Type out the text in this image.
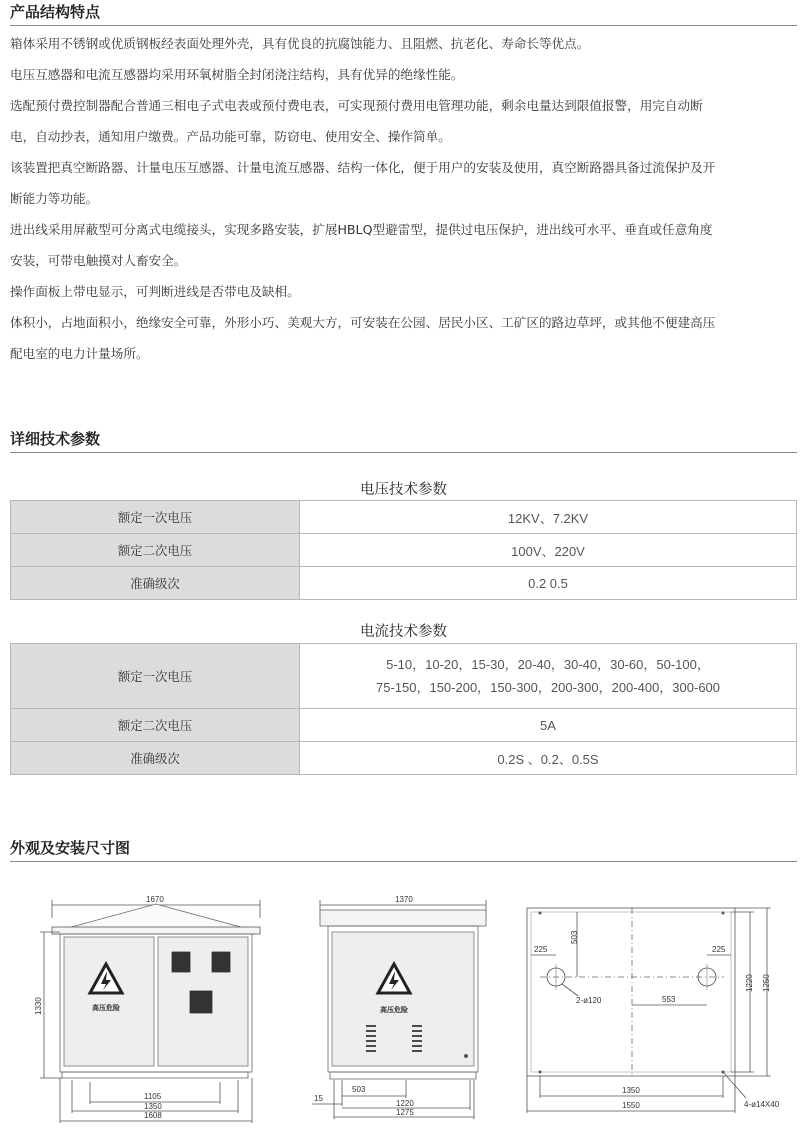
产品结构特点
箱体采用不锈钢或优质钢板经表面处理外壳，具有优良的抗腐蚀能力、且阻燃、抗老化、寿命长等优点。
电压互感器和电流互感器均采用环氧树脂全封闭浇注结构，具有优异的绝缘性能。
选配预付费控制器配合普通三相电子式电表或预付费电表，可实现预付费用电管理功能，剩余电量达到限值报警，用完自动断
电，自动抄表，通知用户缴费。产品功能可靠，防窃电、使用安全、操作简单。
该装置把真空断路器、计量电压互感器、计量电流互感器、结构一体化，便于用户的安装及使用，真空断路器具备过流保护及开
断能力等功能。
进出线采用屏蔽型可分离式电缆接头，实现多路安装，扩展HBLQ型避雷型，提供过电压保护，进出线可水平、垂直或任意角度
安装，可带电触摸对人畜安全。
操作面板上带电显示，可判断进线是否带电及缺相。
体积小，占地面积小，绝缘安全可靠，外形小巧、美观大方，可安装在公园、居民小区、工矿区的路边草坪，或其他不便建高压
配电室的电力计量场所。
详细技术参数
电压技术参数
额定一次电压	12KV、7.2KV
额定二次电压	100V、220V
准确级次	0.2 0.5
电流技术参数
额定一次电压	5-10，10-20，15-30，20-40，30-40，30-60，50-100，
75-150，150-200，150-300，200-300，200-400，300-600

额定二次电压	5A
准确级次	0.2S 、0.2、0.5S
外观及安装尺寸图
1670
高压危险
1330
1105
1350
1608
1370
高压危险
503
15
1220
1275
225	225
503
2-ø120	553
1220 1250
1350
1550	4-ø14X40
